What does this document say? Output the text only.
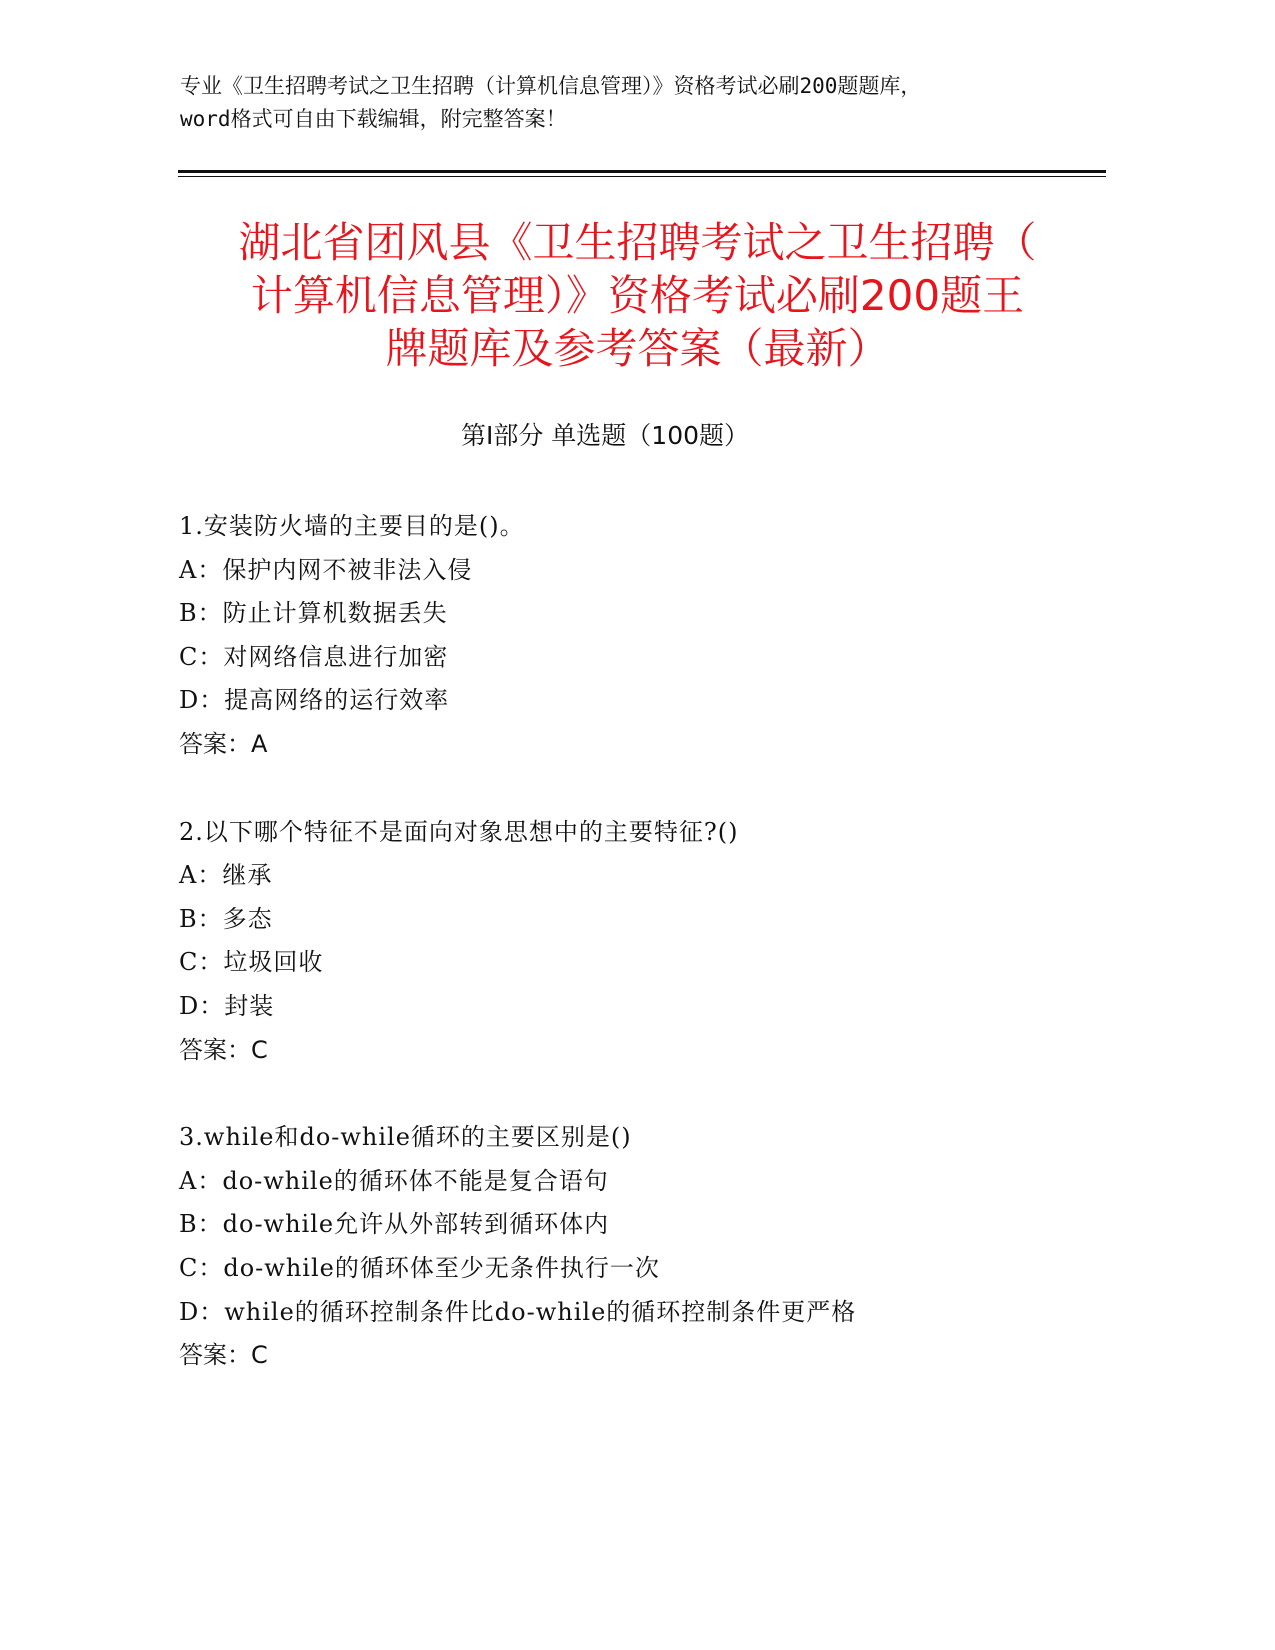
专业《卫生招聘考试之卫生招聘（计算机信息管理）》资格考试必刷200题题库，
word格式可自由下载编辑，附完整答案！
湖北省团风县《卫生招聘考试之卫生招聘（
计算机信息管理）》资格考试必刷200题王
牌题库及参考答案（最新）
第Ⅰ部分 单选题（100题）
1.安装防火墙的主要目的是()。
A：保护内网不被非法入侵
B：防止计算机数据丢失
C：对网络信息进行加密
D：提高网络的运行效率
答案：A
2.以下哪个特征不是面向对象思想中的主要特征?()
A：继承
B：多态
C：垃圾回收
D：封装
答案：C
3.while和do-while循环的主要区别是()
A：do-while的循环体不能是复合语句
B：do-while允许从外部转到循环体内
C：do-while的循环体至少无条件执行一次
D：while的循环控制条件比do-while的循环控制条件更严格
答案：C
